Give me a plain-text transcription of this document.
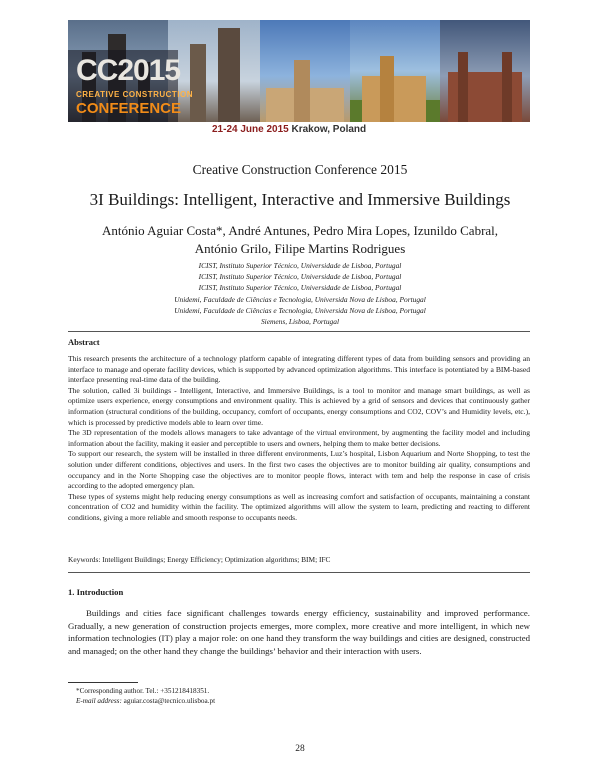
CC2015
CREATIVE CONSTRUCTION
CONFERENCE
21-24 June 2015 Krakow, Poland
Creative Construction Conference 2015
3I Buildings: Intelligent, Interactive and Immersive Buildings
António Aguiar Costa*, André Antunes, Pedro Mira Lopes, Izunildo Cabral,
António Grilo, Filipe Martins Rodrigues
ICIST, Instituto Superior Técnico, Universidade de Lisboa, Portugal
ICIST, Instituto Superior Técnico, Universidade de Lisboa, Portugal
ICIST, Instituto Superior Técnico, Universidade de Lisboa, Portugal
Unidemi, Faculdade de Ciências e Tecnologia, Universida Nova de Lisboa, Portugal
Unidemi, Faculdade de Ciências e Tecnologia, Universida Nova de Lisboa, Portugal
Siemens, Lisboa, Portugal
Abstract

This research presents the architecture of a technology platform capable of integrating different types of data from building sensors and providing an interface to manage and operate facility devices, which is supported by advanced optimization algorithms. This interface is potentiated by a BIM-based interface presenting real-time data of the building.

The solution, called 3i buildings - Intelligent, Interactive, and Immersive Buildings, is a tool to monitor and manage smart buildings, as well as optimize users experience, energy consumptions and environment quality. This is achieved by a grid of sensors and devices that continuously gather information (structural conditions of the building, occupancy, comfort of occupants, energy consumptions and CO2, COV’s and Humidity levels, etc.), which is processed by predictive models able to learn over time.

The 3D representation of the models allows managers to take advantage of the virtual environment, by augmenting the facility model and including information about the facility, making it easier and perceptible to users and owners, helping them to make better decisions.

To support our research, the system will be installed in three different environments, Luz’s hospital, Lisbon Aquarium and Norte Shopping, to test the solution under different conditions, objectives and users. In the first two cases the objectives are to monitor building air quality, consumptions and occupancy and in the Norte Shopping case the objectives are to monitor people flows, interact with tem and help the response in case of crisis according to the adopted emergency plan.

These types of systems might help reducing energy consumptions as well as increasing comfort and satisfaction of occupants, maintaining a constant concentration of CO2 and humidity within the facility. The optimized algorithms will allow the system to learn, predicting and reacting to different conditions, giving a more reliable and smooth response to occupants needs.

Keywords: Intelligent Buildings; Energy Efficiency; Optimization algorithms; BIM; IFC
1. Introduction

Buildings and cities face significant challenges towards energy efficiency, sustainability and improved performance. Gradually, a new generation of construction projects emerges, more complex, more creative and more intelligent, in which new information technologies (IT) play a major role: on one hand they transform the way buildings and cities are designed, constructed and managed; on the other hand they change the buildings’ behavior and their interaction with users.

*Corresponding author. Tel.: +351218418351.
E-mail address: aguiar.costa@tecnico.ulisboa.pt
28
